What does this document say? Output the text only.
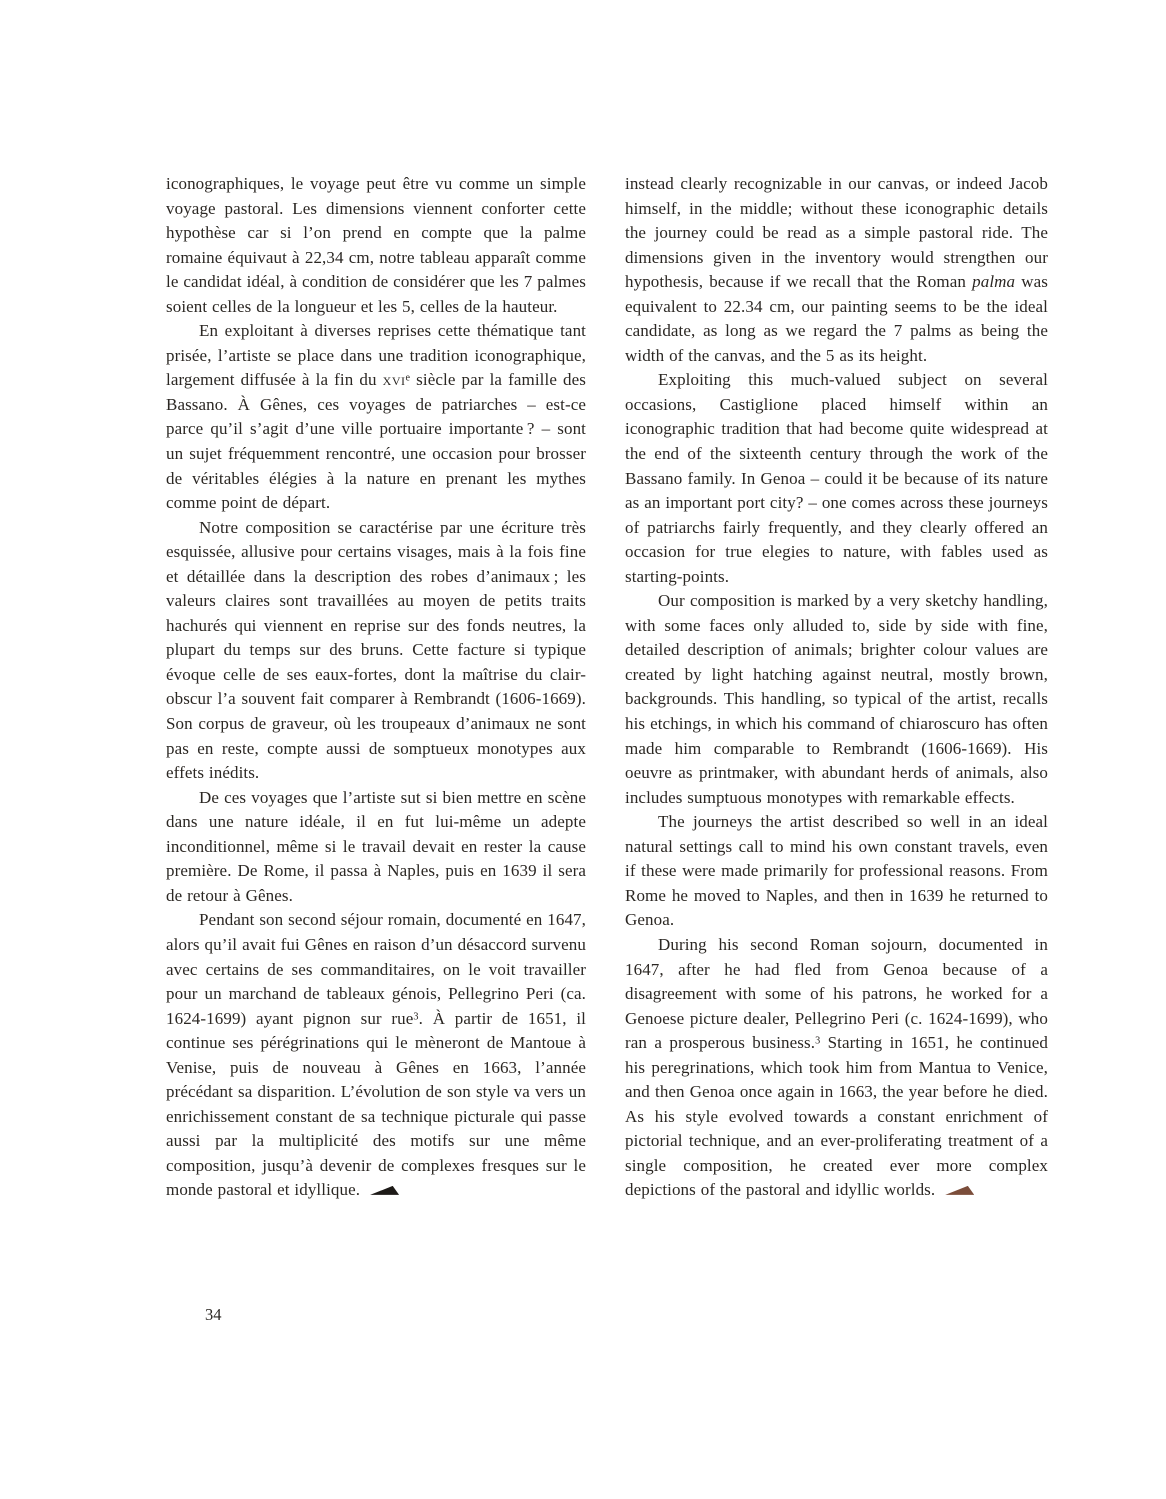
iconographiques, le voyage peut être vu comme un simple voyage pastoral. Les dimensions viennent conforter cette hypothèse car si l’on prend en compte que la palme romaine équivaut à 22,34 cm, notre tableau apparaît comme le candidat idéal, à condition de considérer que les 7 palmes soient celles de la longueur et les 5, celles de la hauteur.

En exploitant à diverses reprises cette thématique tant prisée, l’artiste se place dans une tradition iconographique, largement diffusée à la fin du xvi$^e$ siècle par la famille des Bassano. À Gênes, ces voyages de patriarches – est-ce parce qu’il s’agit d’une ville portuaire importante ? – sont un sujet fréquemment rencontré, une occasion pour brosser de véritables élégies à la nature en prenant les mythes comme point de départ.

Notre composition se caractérise par une écriture très esquissée, allusive pour certains visages, mais à la fois fine et détaillée dans la description des robes d’animaux ; les valeurs claires sont travaillées au moyen de petits traits hachurés qui viennent en reprise sur des fonds neutres, la plupart du temps sur des bruns. Cette facture si typique évoque celle de ses eaux-fortes, dont la maîtrise du clair-obscur l’a souvent fait comparer à Rembrandt (1606-1669). Son corpus de graveur, où les troupeaux d’animaux ne sont pas en reste, compte aussi de somptueux monotypes aux effets inédits.

De ces voyages que l’artiste sut si bien mettre en scène dans une nature idéale, il en fut lui-même un adepte inconditionnel, même si le travail devait en rester la cause première. De Rome, il passa à Naples, puis en 1639 il sera de retour à Gênes.

Pendant son second séjour romain, documenté en 1647, alors qu’il avait fui Gênes en raison d’un désaccord survenu avec certains de ses commanditaires, on le voit travailler pour un marchand de tableaux génois, Pellegrino Peri (ca. 1624-1699) ayant pignon sur rue$^3$. À partir de 1651, il continue ses pérégrinations qui le mèneront de Mantoue à Venise, puis de nouveau à Gênes en 1663, l’année précédant sa disparition. L’évolution de son style va vers un enrichissement constant de sa technique picturale qui passe aussi par la multiplicité des motifs sur une même composition, jusqu’à devenir de complexes fresques sur le monde pastoral et idyllique.

instead clearly recognizable in our canvas, or indeed Jacob himself, in the middle; without these iconographic details the journey could be read as a simple pastoral ride. The dimensions given in the inventory would strengthen our hypothesis, because if we recall that the Roman palma was equivalent to 22.34 cm, our painting seems to be the ideal candidate, as long as we regard the 7 palms as being the width of the canvas, and the 5 as its height.

Exploiting this much-valued subject on several occasions, Castiglione placed himself within an iconographic tradition that had become quite widespread at the end of the sixteenth century through the work of the Bassano family. In Genoa – could it be because of its nature as an important port city? – one comes across these journeys of patriarchs fairly frequently, and they clearly offered an occasion for true elegies to nature, with fables used as starting-points.

Our composition is marked by a very sketchy handling, with some faces only alluded to, side by side with fine, detailed description of animals; brighter colour values are created by light hatching against neutral, mostly brown, backgrounds. This handling, so typical of the artist, recalls his etchings, in which his command of chiaroscuro has often made him comparable to Rembrandt (1606-1669). His oeuvre as printmaker, with abundant herds of animals, also includes sumptuous monotypes with remarkable effects.

The journeys the artist described so well in an ideal natural settings call to mind his own constant travels, even if these were made primarily for professional reasons. From Rome he moved to Naples, and then in 1639 he returned to Genoa.

During his second Roman sojourn, documented in 1647, after he had fled from Genoa because of a disagreement with some of his patrons, he worked for a Genoese picture dealer, Pellegrino Peri (c. 1624-1699), who ran a prosperous business.$^3$ Starting in 1651, he continued his peregrinations, which took him from Mantua to Venice, and then Genoa once again in 1663, the year before he died. As his style evolved towards a constant enrichment of pictorial technique, and an ever-proliferating treatment of a single composition, he created ever more complex depictions of the pastoral and idyllic worlds.

34
